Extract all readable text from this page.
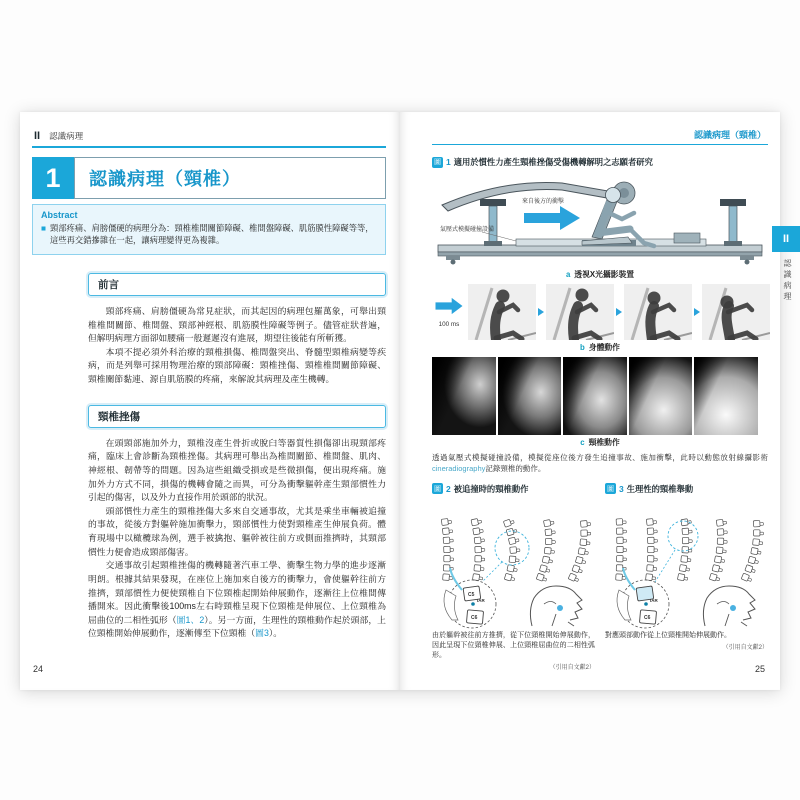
II 認識病理
1	認識病理（頸椎）
Abstract
■ 頸部疼痛、肩膀僵硬的病理分為：頸椎椎間關節障礙、椎間盤障礙、肌筋膜性障礙等等，這些再交錯摻雜在一起，讓病理變得更為複雜。
前言

頸部疼痛、肩膀僵硬為常見症狀，而其起因的病理包羅萬象，可舉出頸椎椎間關節、椎間盤、頸部神經根、肌筋膜性障礙等例子。儘管症狀普遍，但解明病理方面卻如腰痛一般遲遲沒有進展，期望往後能有所斬獲。

本項不提必須外科治療的頸椎損傷、椎間盤突出、脊髓型頸椎病變等疾病，而是列舉可採用物理治療的頸部障礙：頸椎挫傷、頸椎椎間關節障礙、頸椎關節黏連、源自肌筋膜的疼痛，來解說其病理及產生機轉。

頸椎挫傷

在頭頸部施加外力，頸椎沒產生骨折或脫臼等器質性損傷卻出現頸部疼痛，臨床上會診斷為頸椎挫傷。其病理可舉出為椎間關節、椎間盤、肌肉、神經根、韌帶等的問題。因為這些組織受損或是些微損傷，便出現疼痛。施加外力方式不同，損傷的機轉會隨之而異，可分為衝擊軀幹產生頸部慣性力引起的傷害，以及外力直接作用於頭部的狀況。

頭部慣性力產生的頸椎挫傷大多來自交通事故，尤其是乘坐車輛被追撞的事故，從後方對軀幹施加衝擊力，頸部慣性力使對頸椎產生伸展負荷。體育現場中以橄欖球為例，選手被擒抱、軀幹被往前方或側面推擠時，其頸部慣性力便會造成頸部傷害。

交通事故引起頸椎挫傷的機轉隨著汽車工學、衝擊生物力學的進步逐漸明朗。根據其結果發現，在座位上施加來自後方的衝擊力，會使軀幹往前方推擠，頸部慣性力便使頸椎自下位頸椎起開始伸展動作，逐漸往上位椎間傳播開來。因此衝擊後100ms左右時頸椎呈現下位頸椎是伸展位、上位頸椎為屈曲位的二相性弧形（圖1、2）。另一方面，生理性的頸椎動作起於頭部，上位頸椎開始伸展動作，逐漸傳至下位頸椎（圖3）。

24
認識病理（頸椎）
圖 1 適用於慣性力產生頸椎挫傷受傷機轉解明之志願者研究
來自後方的衝擊
氣壓式模擬碰撞設備
a 透視X光攝影裝置
100 ms
b 身體動作
c 頸椎動作
透過氣壓式模擬碰撞設備，模擬從座位後方發生追撞事故、施加衝擊，此時以動態放射線攝影術cineradiography記錄頸椎的動作。
圖 2 被追撞時的頸椎動作
C5
IAR
C6
由於軀幹被往前方推擠，從下位頸椎開始伸展動作，因此呈現下位頸椎伸展、上位頸椎屈曲位的二相性弧形。
（引用自文獻2）
圖 3 生理性的頸椎舉動
IAR
C6
對應頭部動作從上位頸椎開始伸展動作。
（引用自文獻2）
25
II
認識病理
